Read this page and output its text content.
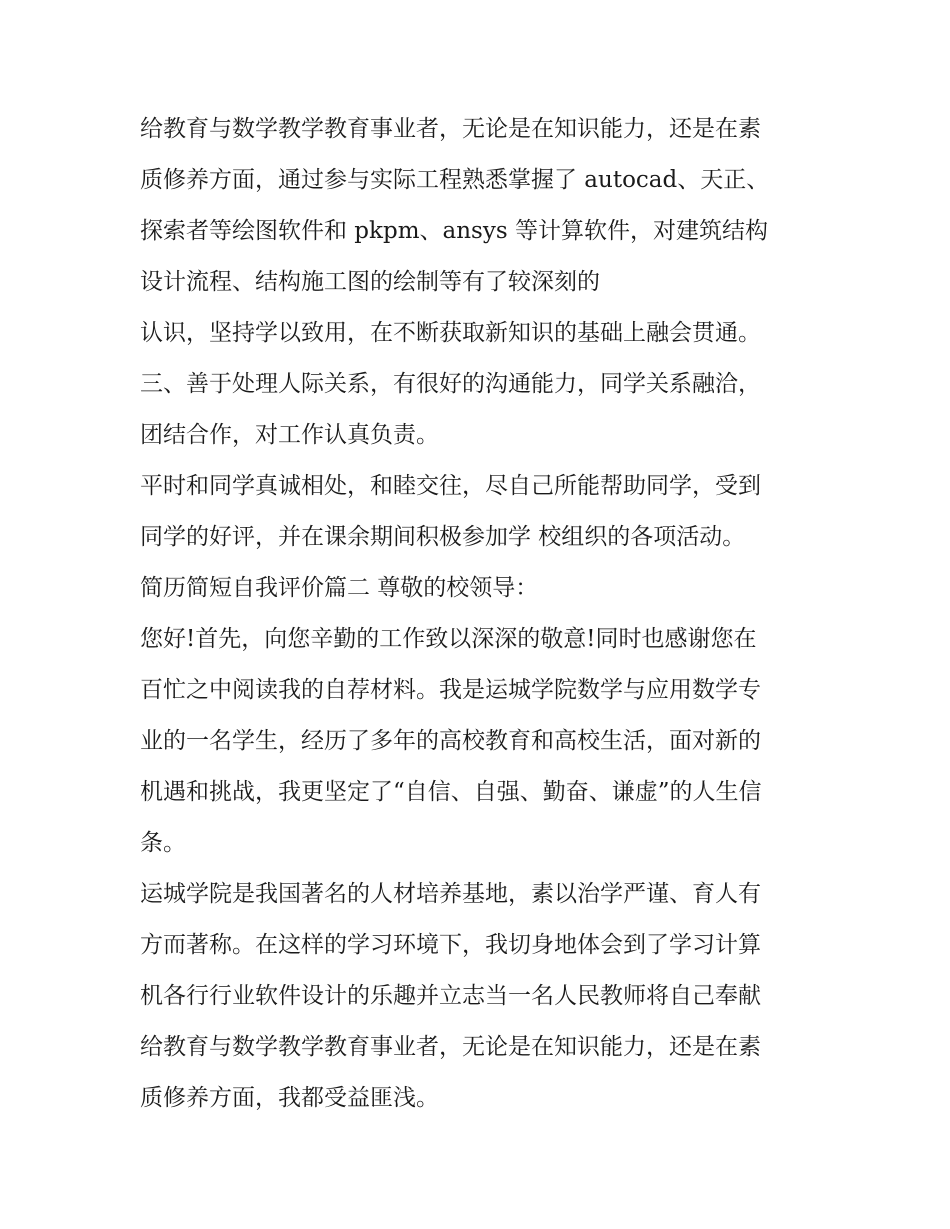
给教育与数学教学教育事业者，无论是在知识能力，还是在素
质修养方面，通过参与实际工程熟悉掌握了 autocad、天正、
探索者等绘图软件和 pkpm、ansys 等计算软件，对建筑结构
设计流程、结构施工图的绘制等有了较深刻的
认识，坚持学以致用，在不断获取新知识的基础上融会贯通。
三、善于处理人际关系，有很好的沟通能力，同学关系融洽，
团结合作，对工作认真负责。
平时和同学真诚相处，和睦交往，尽自己所能帮助同学，受到
同学的好评，并在课余期间积极参加学 校组织的各项活动。
简历简短自我评价篇二 尊敬的校领导：
您好!首先，向您辛勤的工作致以深深的敬意!同时也感谢您在
百忙之中阅读我的自荐材料。我是运城学院数学与应用数学专
业的一名学生，经历了多年的高校教育和高校生活，面对新的
机遇和挑战，我更坚定了“自信、自强、勤奋、谦虚”的人生信
条。
运城学院是我国著名的人材培养基地，素以治学严谨、育人有
方而著称。在这样的学习环境下，我切身地体会到了学习计算
机各行行业软件设计的乐趣并立志当一名人民教师将自己奉献
给教育与数学教学教育事业者，无论是在知识能力，还是在素
质修养方面，我都受益匪浅。
